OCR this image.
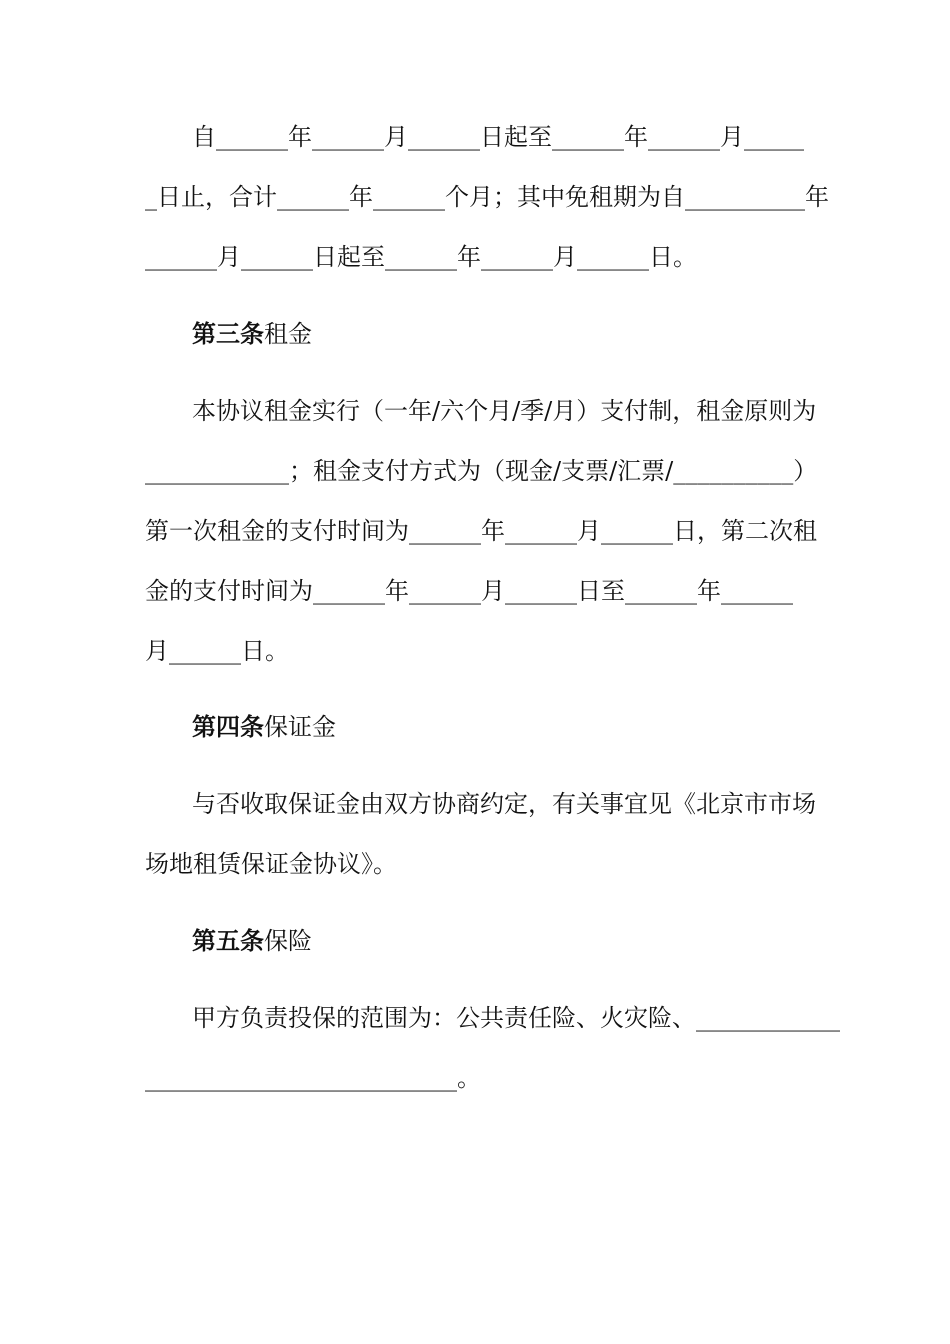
自______年______月______日起至______年______月_____
_日止，合计______年______个月；其中免租期为自__________年
______月______日起至______年______月______日。
第三条租金
本协议租金实行（一年/六个月/季/月）支付制，租金原则为
____________；租金支付方式为（现金/支票/汇票/__________）
第一次租金的支付时间为______年______月______日，第二次租
金的支付时间为______年______月______日至______年______
月______日。
第四条保证金
与否收取保证金由双方协商约定，有关事宜见《北京市市场
场地租赁保证金协议》。
第五条保险
甲方负责投保的范围为：公共责任险、火灾险、____________
__________________________。
